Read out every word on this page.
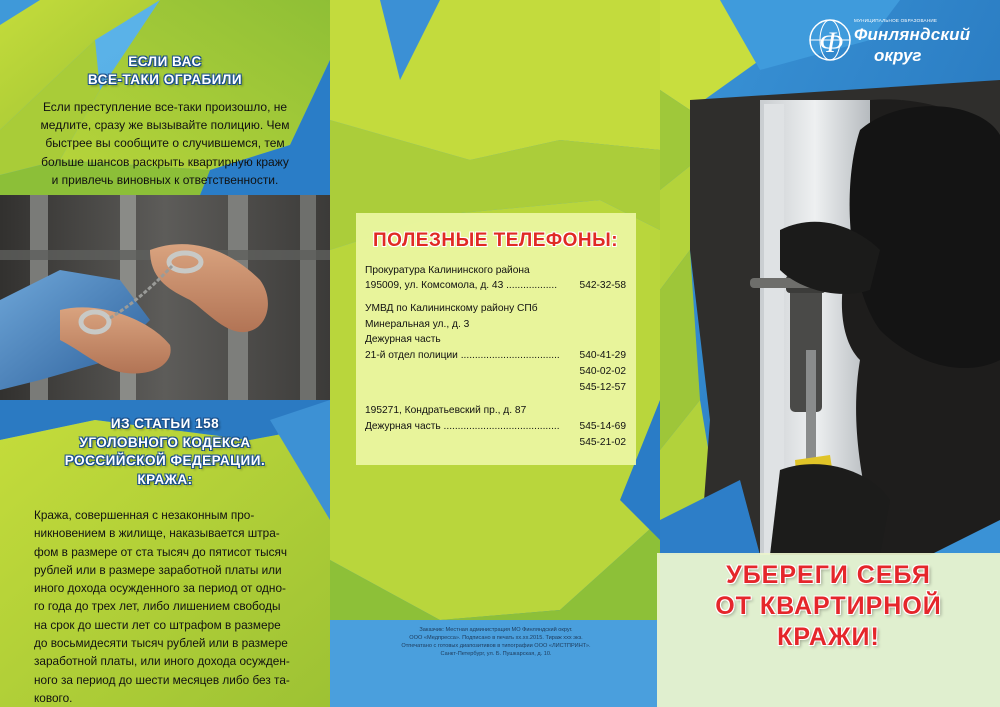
Ф
ЕСЛИ ВАС
ВСЕ-ТАКИ ОГРАБИЛИ
Если преступление все-таки произошло, не
медлите, сразу же вызывайте полицию. Чем
быстрее вы сообщите о случившемся, тем
больше шансов раскрыть квартирную кражу
и привлечь виновных к ответственности.
ИЗ СТАТЬИ 158
УГОЛОВНОГО КОДЕКСА
РОССИЙСКОЙ ФЕДЕРАЦИИ.
КРАЖА:
Кража, совершенная с незаконным про-
никновением в жилище, наказывается штра-
фом в размере от ста тысяч до пятисот тысяч
рублей или в размере заработной платы или
иного дохода осужденного за период от одно-
го года до трех лет, либо лишением свободы
на срок до шести лет со штрафом в размере
до восьмидесяти тысяч рублей или в размере
заработной платы, или иного дохода осужден-
ного за период до шести месяцев либо без та-
кового.
ПОЛЕЗНЫЕ ТЕЛЕФОНЫ:
Прокуратура Калининского района
195009, ул. Комсомола, д. 43 ..................	542-32-58
УМВД по Калининскому району СПб
Минеральная ул., д. 3
Дежурная часть
21-й отдел полиции ...................................	540-41-29
540-02-02
545-12-57
195271, Кондратьевский пр., д. 87
Дежурная часть .........................................	545-14-69
545-21-02
Заказчик: Местная администрация МО Финляндский округ.
ООО «Медпресса». Подписано в печать xx.xx.2015. Тираж xxx экз.
Отпечатано с готовых диапозитивов в типографии ООО «ЛИСТПРИНТ».
Санкт-Петербург, ул. Б. Пушкарская, д. 10.
МУНИЦИПАЛЬНОЕ ОБРАЗОВАНИЕ
Финляндский
округ
УБЕРЕГИ СЕБЯ
ОТ КВАРТИРНОЙ
КРАЖИ!
